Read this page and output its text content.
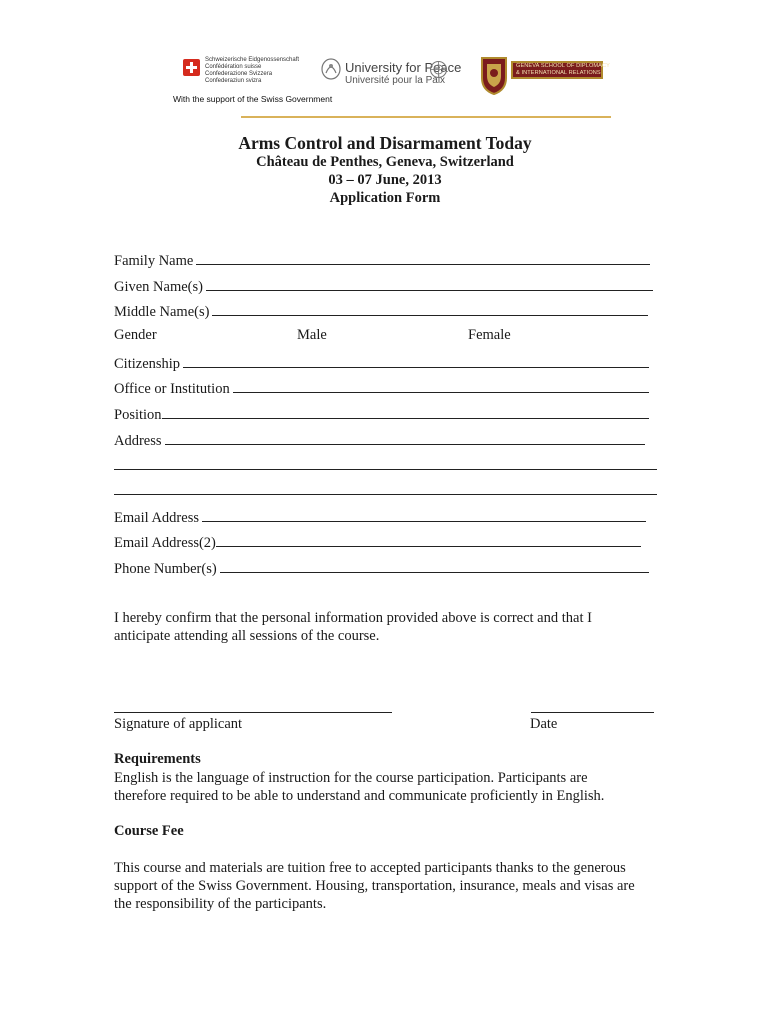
Schweizerische Eidgenossenschaft
Confédération suisse
Confederazione Svizzera
Confederaziun svizra
With the support of the Swiss Government
University for Peace
Université pour la Paix
GENEVA SCHOOL OF DIPLOMACY
& INTERNATIONAL RELATIONS
Arms Control and Disarmament Today
Château de Penthes, Geneva, Switzerland
03 – 07 June, 2013
Application Form
Family Name
Given Name(s)
Middle Name(s)
Gender	Male	Female
Citizenship
Office or Institution
Position
Address
Email Address
Email Address(2)
Phone Number(s)
I hereby confirm that the personal information provided above is correct and that I anticipate attending all sessions of the course.
Signature of applicant	Date
Requirements
English is the language of instruction for the course participation. Participants are therefore required to be able to understand and communicate proficiently in English.
Course Fee
This course and materials are tuition free to accepted participants thanks to the generous support of the Swiss Government. Housing, transportation, insurance, meals and visas are the responsibility of the participants.
